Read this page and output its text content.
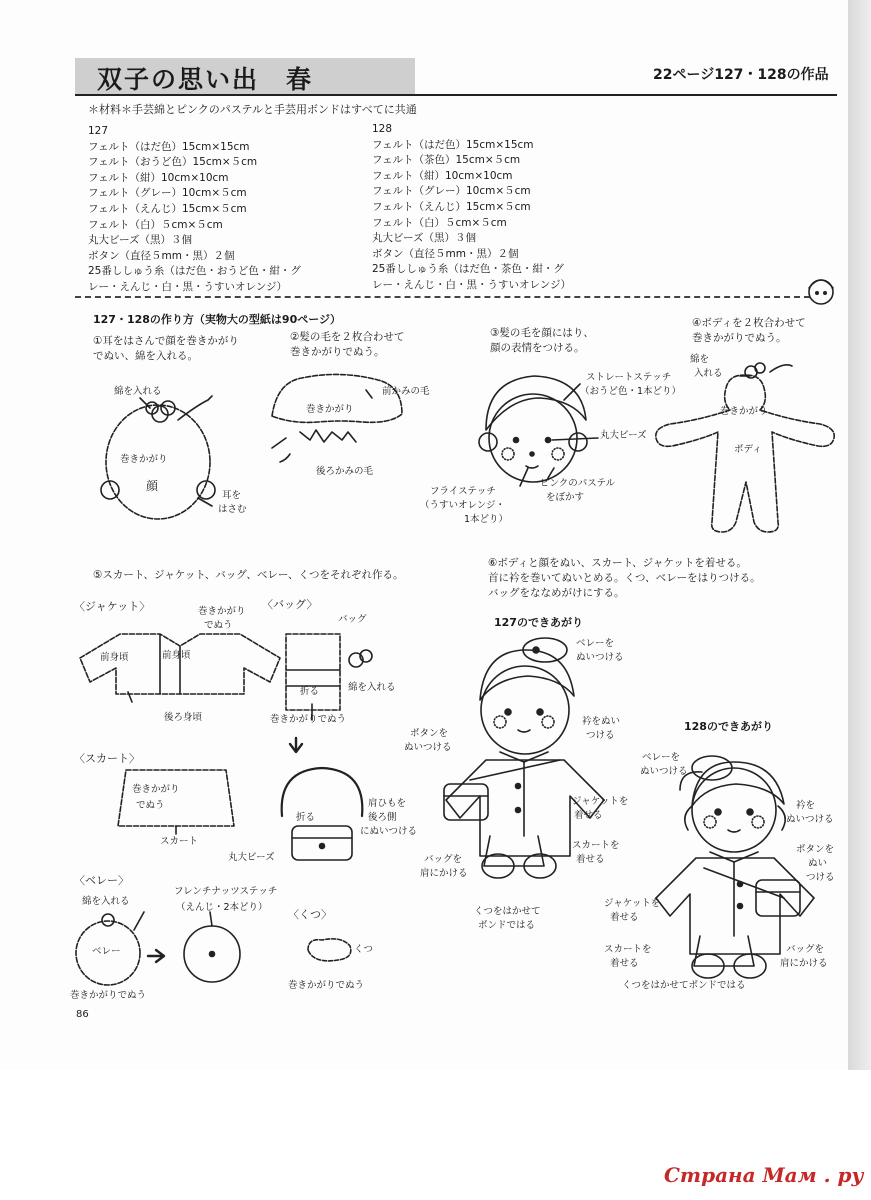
双子の思い出　春	22ページ127・128の作品
＊材料＊手芸綿とピンクのパステルと手芸用ボンドはすべてに共通
127
フェルト（はだ色）15cm×15cm
フェルト（おうど色）15cm×５cm
フェルト（紺）10cm×10cm
フェルト（グレー）10cm×５cm
フェルト（えんじ）15cm×５cm
フェルト（白）５cm×５cm
丸大ビーズ（黒）３個
ボタン（直径５mm・黒）２個
25番ししゅう糸（はだ色・おうど色・紺・グ
レー・えんじ・白・黒・うすいオレンジ）
128
フェルト（はだ色）15cm×15cm
フェルト（茶色）15cm×５cm
フェルト（紺）10cm×10cm
フェルト（グレー）10cm×５cm
フェルト（えんじ）15cm×５cm
フェルト（白）５cm×５cm
丸大ビーズ（黒）３個
ボタン（直径５mm・黒）２個
25番ししゅう糸（はだ色・茶色・紺・グ
レー・えんじ・白・黒・うすいオレンジ）
127・128の作り方（実物大の型紙は90ページ）
①耳をはさんで顔を巻きかがり
でぬい、綿を入れる。
②髪の毛を２枚合わせて
巻きかがりでぬう。
③髪の毛を顔にはり、
顔の表情をつける。
④ボディを２枚合わせて
巻きかがりでぬう。
⑤スカート、ジャケット、バッグ、ベレー、くつをそれぞれ作る。
⑥ボディと顔をぬい、スカート、ジャケットを着せる。
首に衿を巻いてぬいとめる。くつ、ベレーをはりつける。
バッグをななめがけにする。
綿を入れる
巻きかがり
顔
耳を
はさむ
前かみの毛
巻きかがり
後ろかみの毛
ストレートステッチ
（おうど色・1本どり）
丸大ビーズ
フライステッチ
（うすいオレンジ・
1本どり）
ピンクのパステル
をぼかす
綿を
入れる
巻きかがり
ボディ
〈ジャケット〉
前身頃	前身頃
巻きかがり
でぬう
後ろ身頃
〈バッグ〉
バッグ
折る	綿を入れる
巻きかがりでぬう
折る
肩ひもを
後ろ側
にぬいつける
丸大ビーズ
〈スカート〉
巻きかがり
でぬう
スカート
〈ベレー〉
綿を入れる
ベレー
フレンチナッツステッチ
（えんじ・2本どり）
巻きかがりでぬう
〈くつ〉
くつ
巻きかがりでぬう
127のできあがり
ベレーを
ぬいつける
ボタンを
ぬいつける
衿をぬい
つける
ジャケットを
着せる
スカートを
着せる
バッグを
肩にかける
くつをはかせて
ボンドではる
128のできあがり
ベレーを
ぬいつける
衿を
ぬいつける
ボタンを
ぬい
つける
ジャケットを
着せる
バッグを
肩にかける
スカートを
着せる
くつをはかせてボンドではる
86
Страна Мам . ру
